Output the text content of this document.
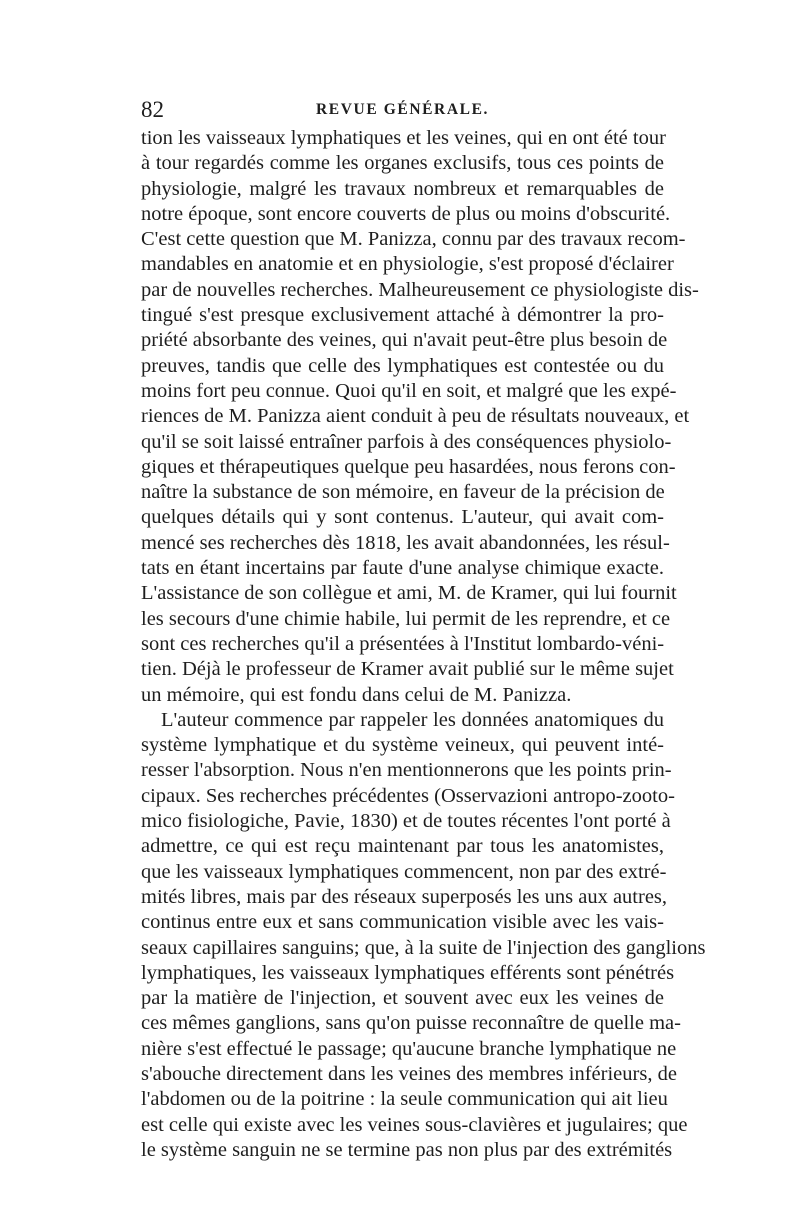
82	REVUE GÉNÉRALE.
tion les vaisseaux lymphatiques et les veines, qui en ont été tour
à tour regardés comme les organes exclusifs, tous ces points de
physiologie, malgré les travaux nombreux et remarquables de
notre époque, sont encore couverts de plus ou moins d'obscurité.
C'est cette question que M. Panizza, connu par des travaux recom-
mandables en anatomie et en physiologie, s'est proposé d'éclairer
par de nouvelles recherches. Malheureusement ce physiologiste dis-
tingué s'est presque exclusivement attaché à démontrer la pro-
priété absorbante des veines, qui n'avait peut-être plus besoin de
preuves, tandis que celle des lymphatiques est contestée ou du
moins fort peu connue. Quoi qu'il en soit, et malgré que les expé-
riences de M. Panizza aient conduit à peu de résultats nouveaux, et
qu'il se soit laissé entraîner parfois à des conséquences physiolo-
giques et thérapeutiques quelque peu hasardées, nous ferons con-
naître la substance de son mémoire, en faveur de la précision de
quelques détails qui y sont contenus. L'auteur, qui avait com-
mencé ses recherches dès 1818, les avait abandonnées, les résul-
tats en étant incertains par faute d'une analyse chimique exacte.
L'assistance de son collègue et ami, M. de Kramer, qui lui fournit
les secours d'une chimie habile, lui permit de les reprendre, et ce
sont ces recherches qu'il a présentées à l'Institut lombardo-véni-
tien. Déjà le professeur de Kramer avait publié sur le même sujet
un mémoire, qui est fondu dans celui de M. Panizza.
L'auteur commence par rappeler les données anatomiques du
système lymphatique et du système veineux, qui peuvent inté-
resser l'absorption. Nous n'en mentionnerons que les points prin-
cipaux. Ses recherches précédentes (Osservazioni antropo-zooto-
mico fisiologiche, Pavie, 1830) et de toutes récentes l'ont porté à
admettre, ce qui est reçu maintenant par tous les anatomistes,
que les vaisseaux lymphatiques commencent, non par des extré-
mités libres, mais par des réseaux superposés les uns aux autres,
continus entre eux et sans communication visible avec les vais-
seaux capillaires sanguins; que, à la suite de l'injection des ganglions
lymphatiques, les vaisseaux lymphatiques efférents sont pénétrés
par la matière de l'injection, et souvent avec eux les veines de
ces mêmes ganglions, sans qu'on puisse reconnaître de quelle ma-
nière s'est effectué le passage; qu'aucune branche lymphatique ne
s'abouche directement dans les veines des membres inférieurs, de
l'abdomen ou de la poitrine : la seule communication qui ait lieu
est celle qui existe avec les veines sous-clavières et jugulaires; que
le système sanguin ne se termine pas non plus par des extrémités
